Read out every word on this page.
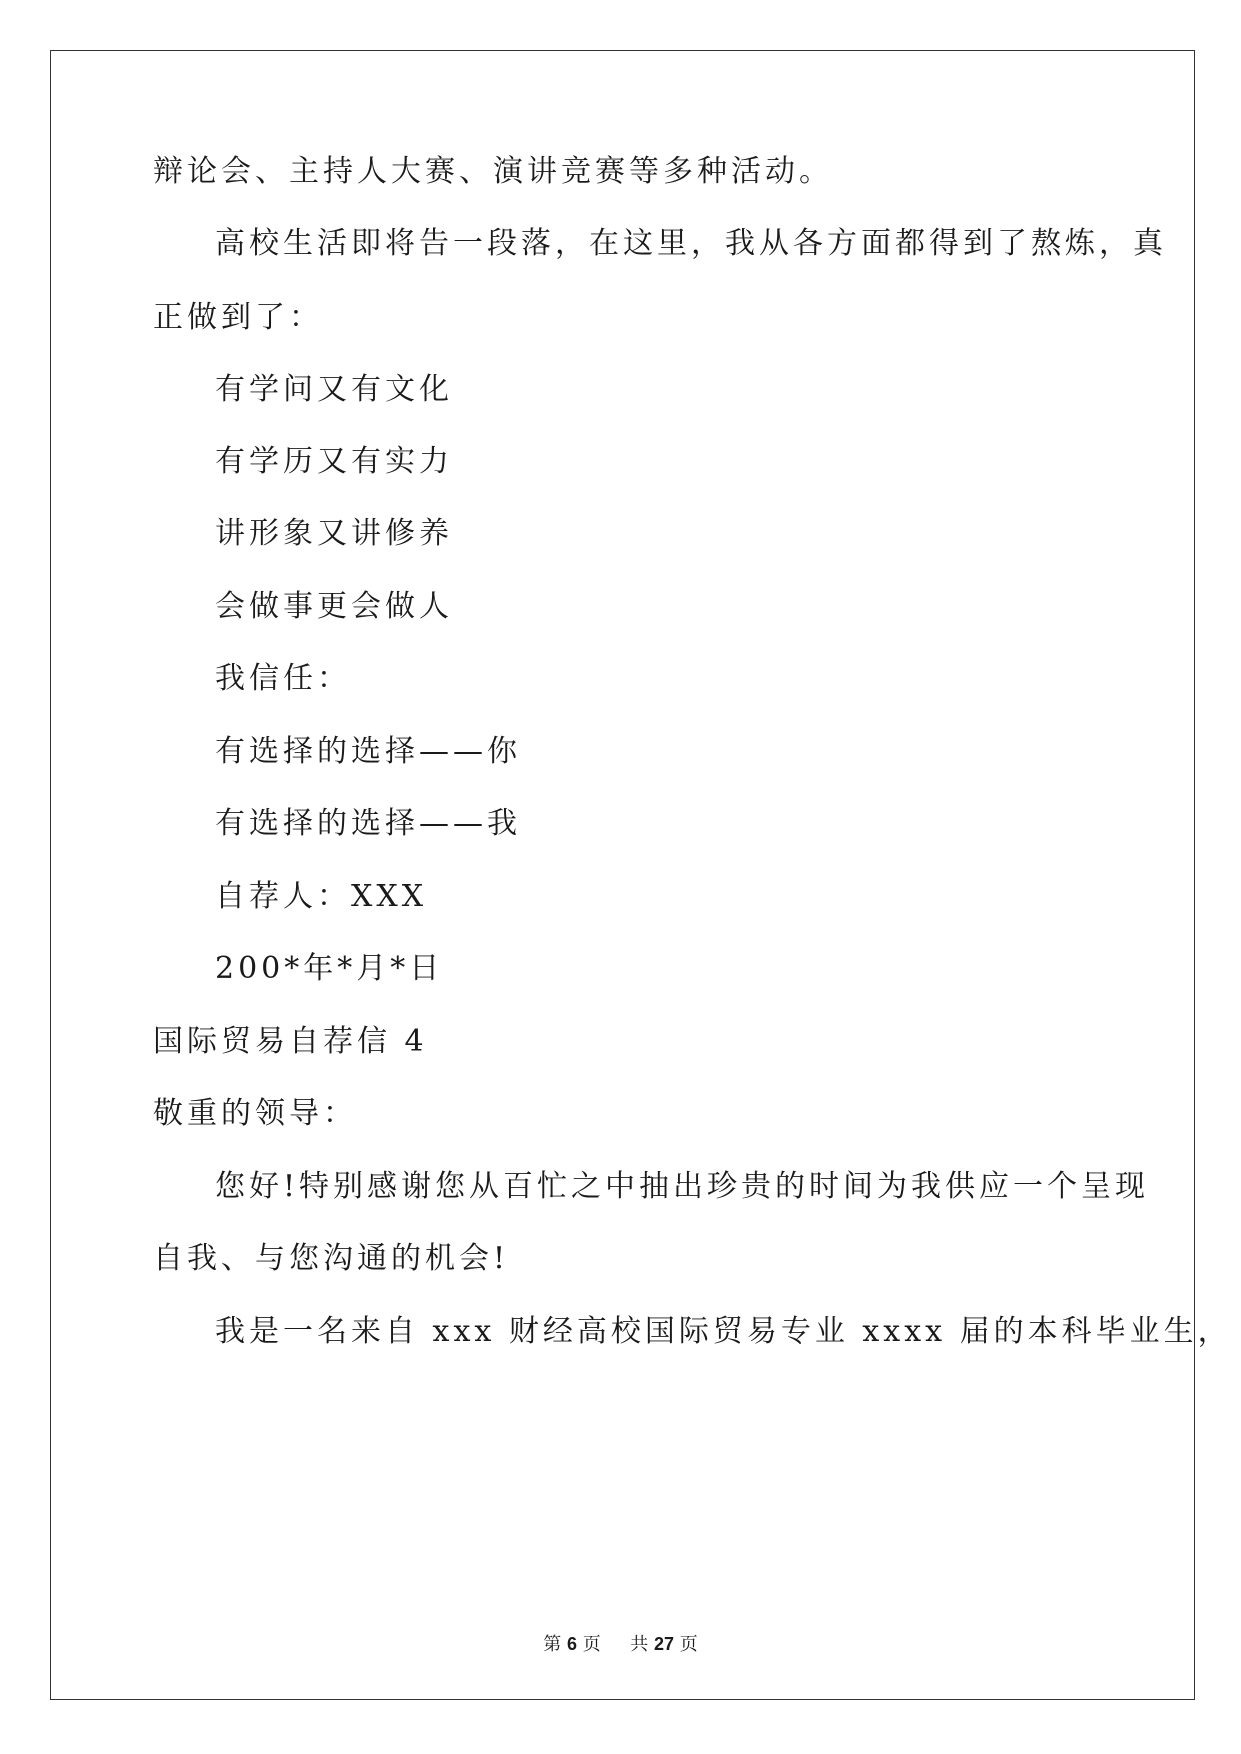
辩论会、主持人大赛、演讲竞赛等多种活动。
高校生活即将告一段落，在这里，我从各方面都得到了熬炼，真
正做到了：
有学问又有文化
有学历又有实力
讲形象又讲修养
会做事更会做人
我信任：
有选择的选择——你
有选择的选择——我
自荐人：XXX
200*年*月*日
国际贸易自荐信 4
敬重的领导：
您好!特别感谢您从百忙之中抽出珍贵的时间为我供应一个呈现
自我、与您沟通的机会!
我是一名来自 xxx 财经高校国际贸易专业 xxxx 届的本科毕业生，
第 6 页 共 27 页
